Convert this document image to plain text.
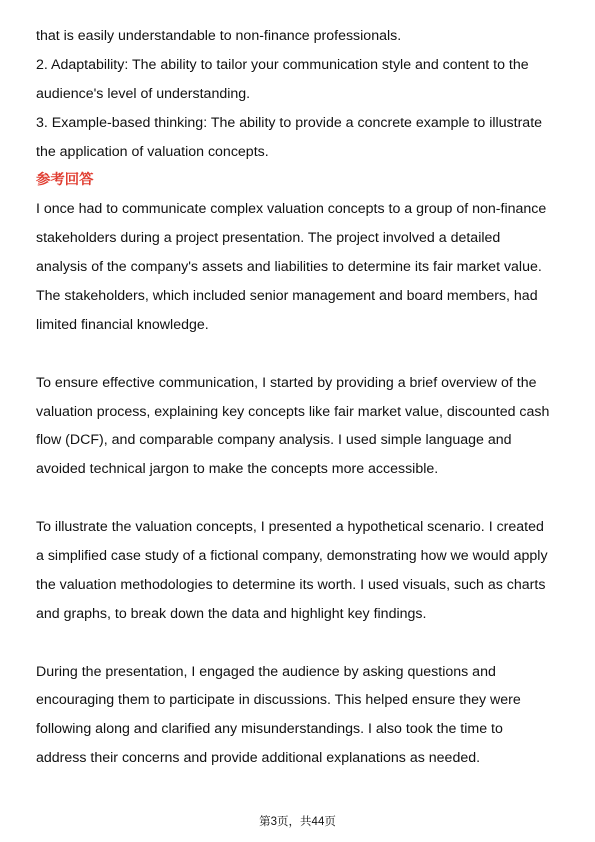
that is easily understandable to non-finance professionals.
2. Adaptability: The ability to tailor your communication style and content to the
audience's level of understanding.
3. Example-based thinking: The ability to provide a concrete example to illustrate
the application of valuation concepts.
参考回答
I once had to communicate complex valuation concepts to a group of non-finance
stakeholders during a project presentation. The project involved a detailed
analysis of the company's assets and liabilities to determine its fair market value.
The stakeholders, which included senior management and board members, had
limited financial knowledge.
To ensure effective communication, I started by providing a brief overview of the
valuation process, explaining key concepts like fair market value, discounted cash
flow (DCF), and comparable company analysis. I used simple language and
avoided technical jargon to make the concepts more accessible.
To illustrate the valuation concepts, I presented a hypothetical scenario. I created
a simplified case study of a fictional company, demonstrating how we would apply
the valuation methodologies to determine its worth. I used visuals, such as charts
and graphs, to break down the data and highlight key findings.
During the presentation, I engaged the audience by asking questions and
encouraging them to participate in discussions. This helped ensure they were
following along and clarified any misunderstandings. I also took the time to
address their concerns and provide additional explanations as needed.
第3页，共44页
